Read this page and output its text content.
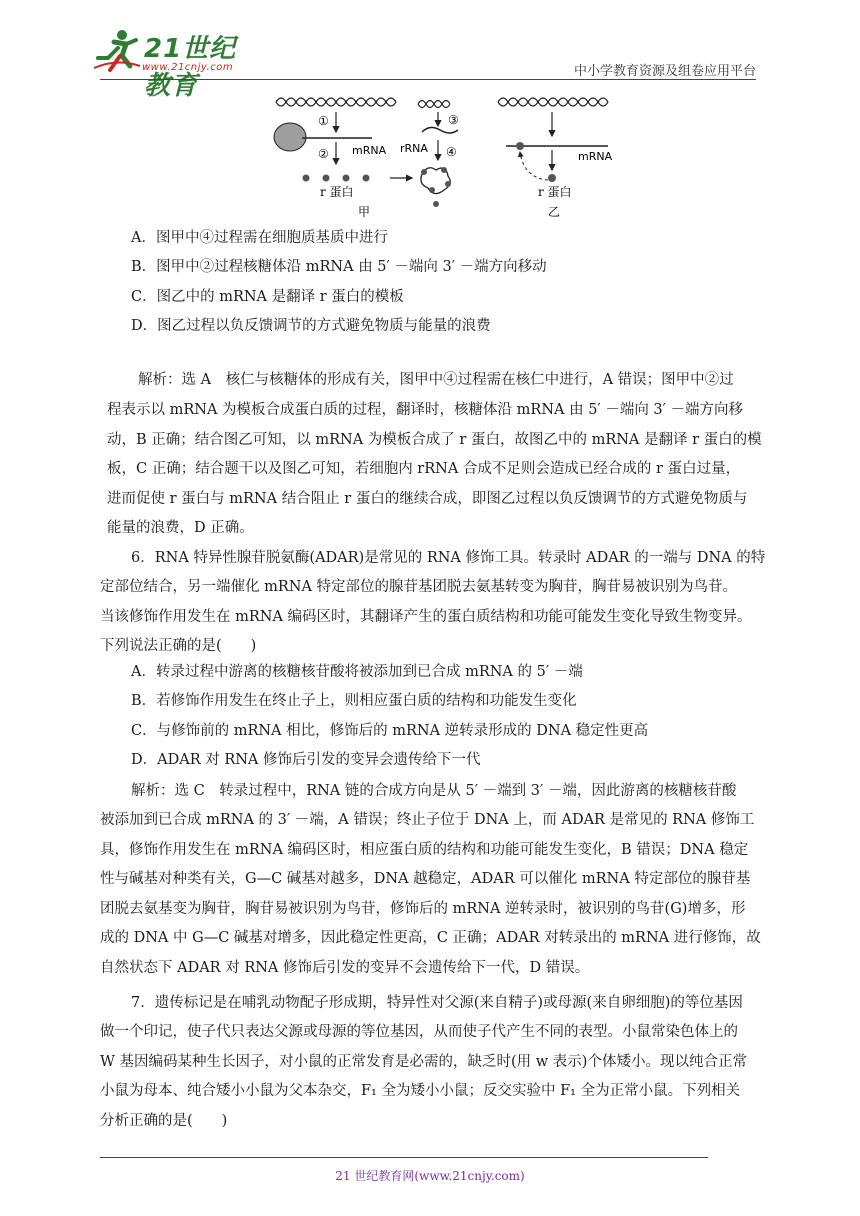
21世纪教育
www.21cnjy.com	中小学教育资源及组卷应用平台
①
② mRNA
r 蛋白
甲
③
rRNA ④	mRNA
r 蛋白
乙
A．图甲中④过程需在细胞质基质中进行
B．图甲中②过程核糖体沿 mRNA 由 5′ －端向 3′ －端方向移动
C．图乙中的 mRNA 是翻译 r 蛋白的模板
D．图乙过程以负反馈调节的方式避免物质与能量的浪费
解析：选 A　核仁与核糖体的形成有关，图甲中④过程需在核仁中进行，A 错误；图甲中②过
程表示以 mRNA 为模板合成蛋白质的过程，翻译时，核糖体沿 mRNA 由 5′ －端向 3′ －端方向移
动，B 正确；结合图乙可知，以 mRNA 为模板合成了 r 蛋白，故图乙中的 mRNA 是翻译 r 蛋白的模
板，C 正确；结合题干以及图乙可知，若细胞内 rRNA 合成不足则会造成已经合成的 r 蛋白过量，
进而促使 r 蛋白与 mRNA 结合阻止 r 蛋白的继续合成，即图乙过程以负反馈调节的方式避免物质与
能量的浪费，D 正确。
6．RNA 特异性腺苷脱氨酶(ADAR)是常见的 RNA 修饰工具。转录时 ADAR 的一端与 DNA 的特
定部位结合，另一端催化 mRNA 特定部位的腺苷基团脱去氨基转变为胸苷，胸苷易被识别为鸟苷。
当该修饰作用发生在 mRNA 编码区时，其翻译产生的蛋白质结构和功能可能发生变化导致生物变异。
下列说法正确的是(　　)
A．转录过程中游离的核糖核苷酸将被添加到已合成 mRNA 的 5′ －端
B．若修饰作用发生在终止子上，则相应蛋白质的结构和功能发生变化
C．与修饰前的 mRNA 相比，修饰后的 mRNA 逆转录形成的 DNA 稳定性更高
D．ADAR 对 RNA 修饰后引发的变异会遗传给下一代
解析：选 C　转录过程中，RNA 链的合成方向是从 5′ －端到 3′ －端，因此游离的核糖核苷酸
被添加到已合成 mRNA 的 3′ －端，A 错误；终止子位于 DNA 上，而 ADAR 是常见的 RNA 修饰工
具，修饰作用发生在 mRNA 编码区时，相应蛋白质的结构和功能可能发生变化，B 错误；DNA 稳定
性与碱基对种类有关，G—C 碱基对越多，DNA 越稳定，ADAR 可以催化 mRNA 特定部位的腺苷基
团脱去氨基变为胸苷，胸苷易被识别为鸟苷，修饰后的 mRNA 逆转录时，被识别的鸟苷(G)增多，形
成的 DNA 中 G—C 碱基对增多，因此稳定性更高，C 正确；ADAR 对转录出的 mRNA 进行修饰，故
自然状态下 ADAR 对 RNA 修饰后引发的变异不会遗传给下一代，D 错误。
7．遗传标记是在哺乳动物配子形成期，特异性对父源(来自精子)或母源(来自卵细胞)的等位基因
做一个印记，使子代只表达父源或母源的等位基因，从而使子代产生不同的表型。小鼠常染色体上的
W 基因编码某种生长因子，对小鼠的正常发育是必需的，缺乏时(用 w 表示)个体矮小。现以纯合正常
小鼠为母本、纯合矮小小鼠为父本杂交，F₁ 全为矮小小鼠；反交实验中 F₁ 全为正常小鼠。下列相关
分析正确的是(　　)
21 世纪教育网(www.21cnjy.com)
